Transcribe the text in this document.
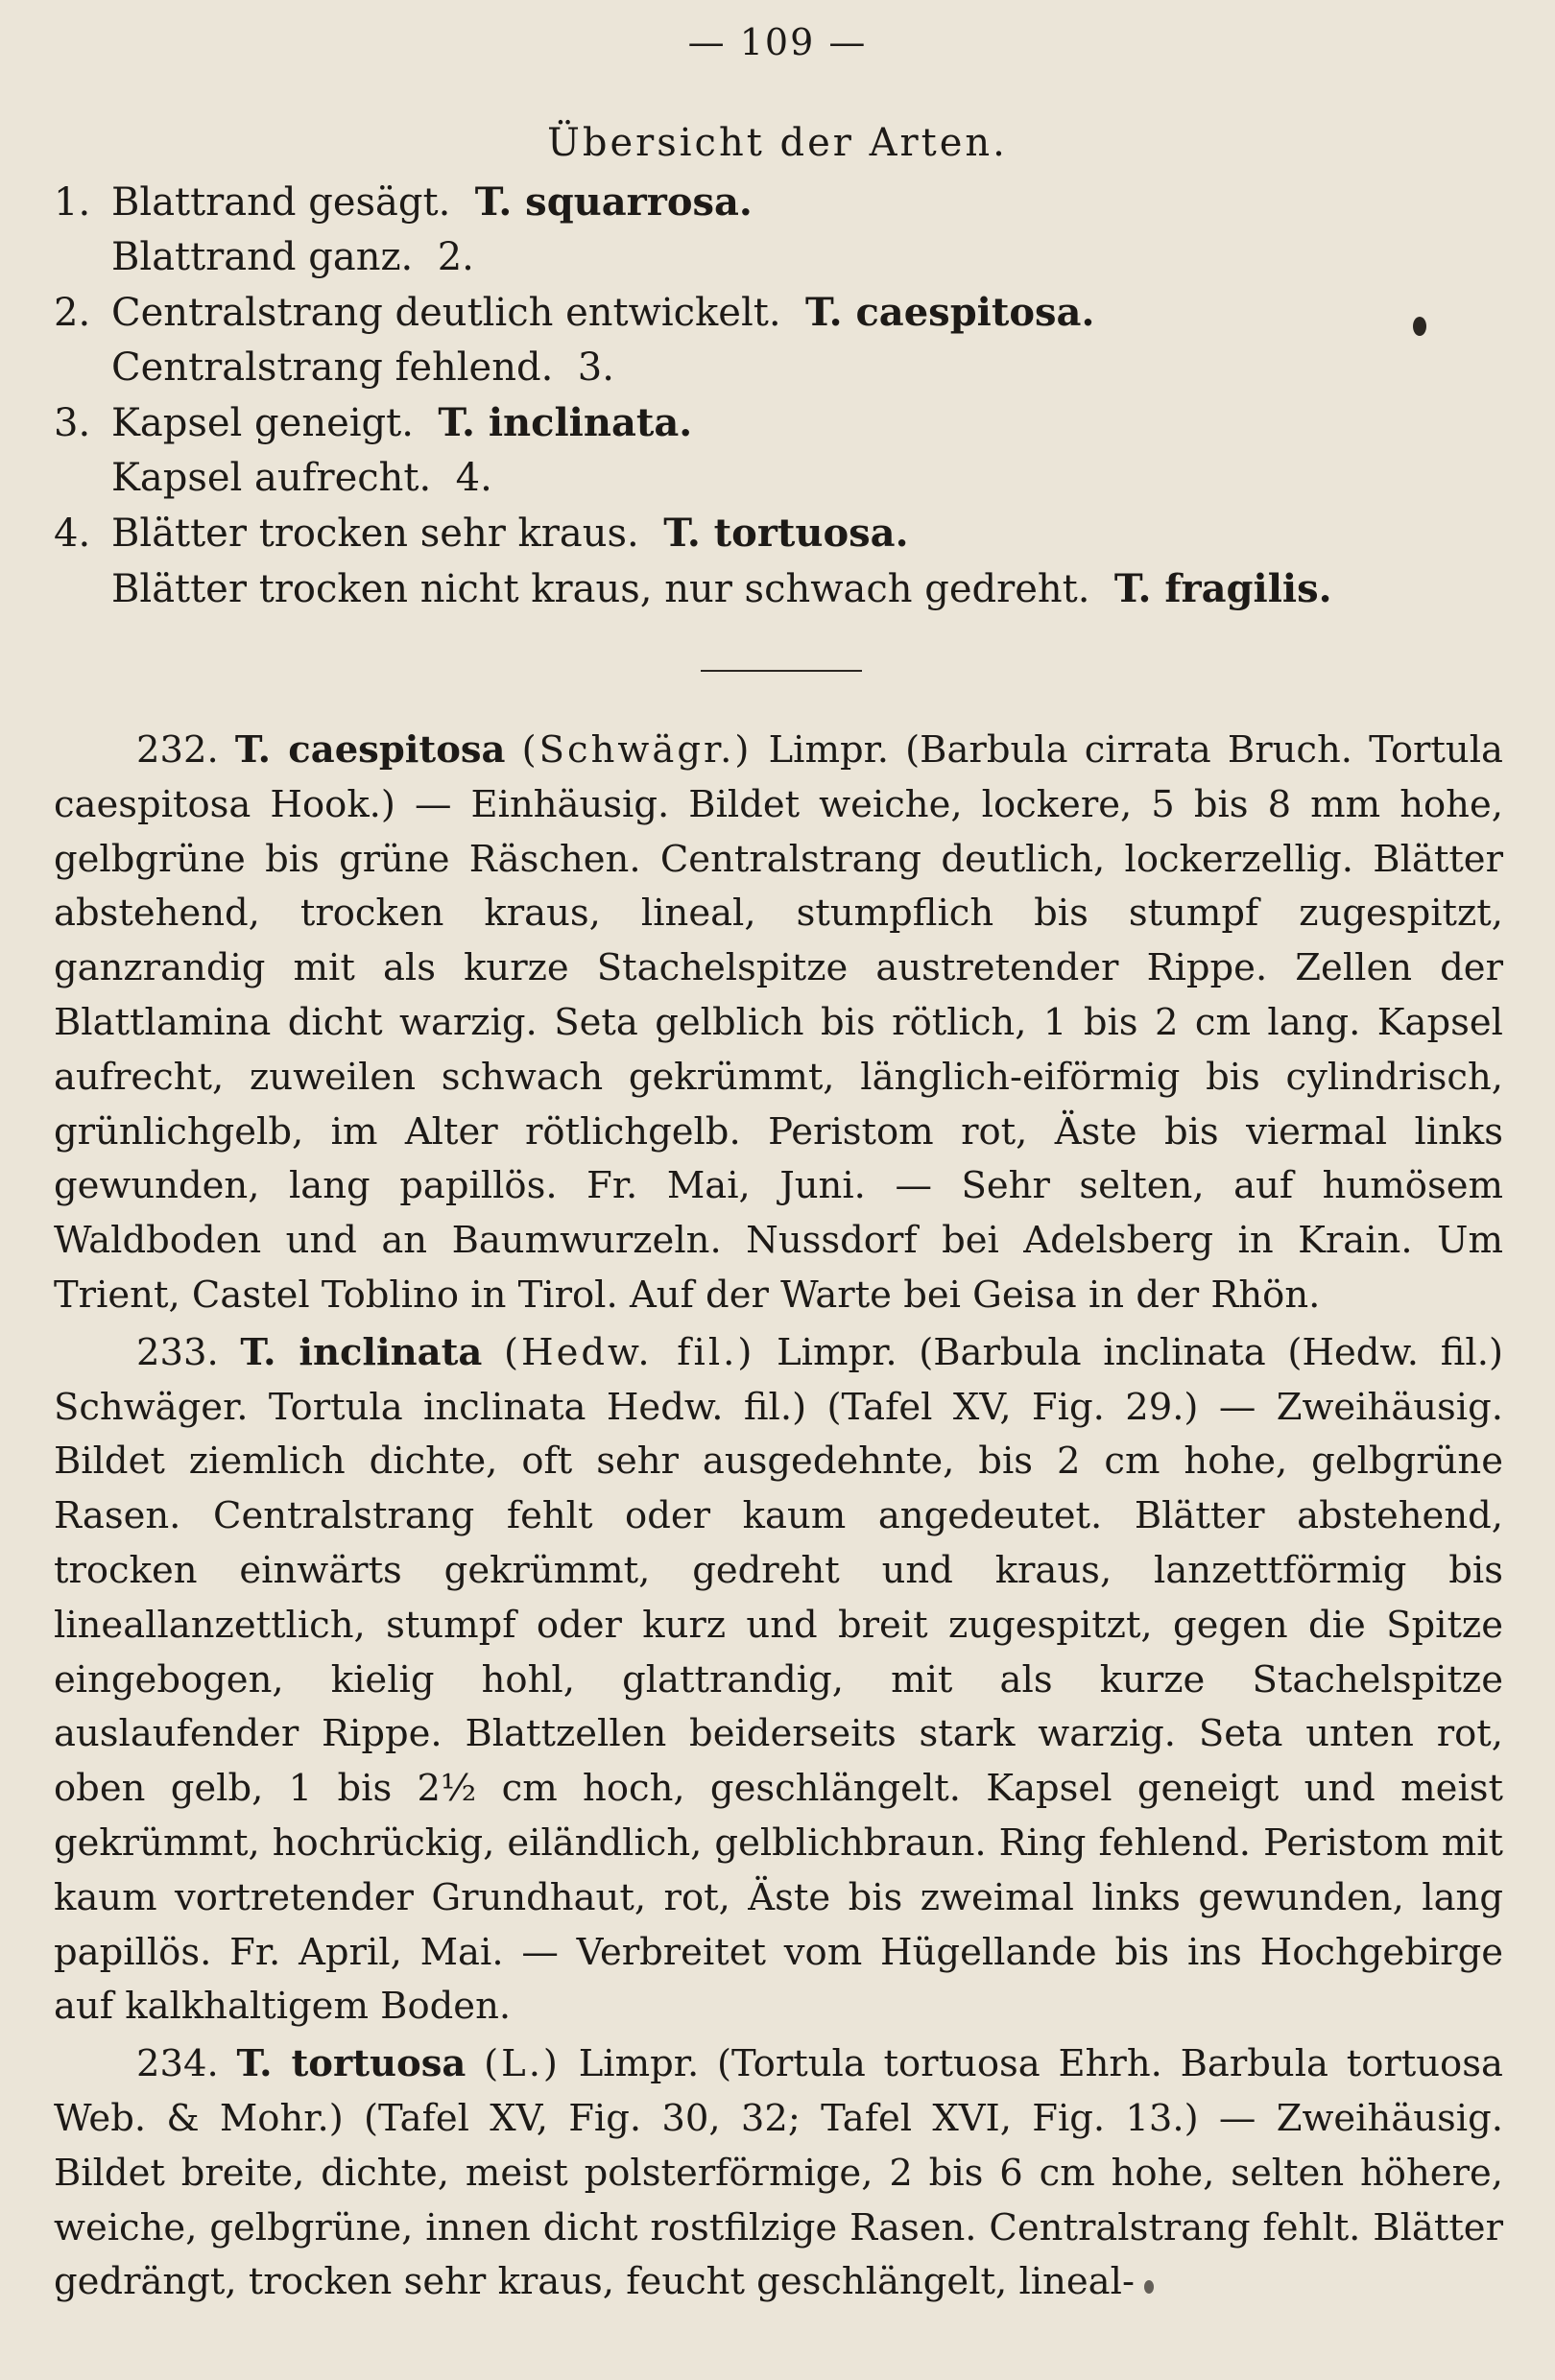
— 109 —
Übersicht der Arten.
1. Blattrand gesägt. T. squarrosa.
Blattrand ganz. 2.
2. Centralstrang deutlich entwickelt. T. caespitosa.
Centralstrang fehlend. 3.
3. Kapsel geneigt. T. inclinata.
Kapsel aufrecht. 4.
4. Blätter trocken sehr kraus. T. tortuosa.
Blätter trocken nicht kraus, nur schwach gedreht. T. fragilis.

232. T. caespitosa (Schwägr.) Limpr. (Barbula cirrata Bruch. Tortula caespitosa Hook.) — Einhäusig. Bildet weiche, lockere, 5 bis 8 mm hohe, gelbgrüne bis grüne Räschen. Centralstrang deutlich, lockerzellig. Blätter abstehend, trocken kraus, lineal, stumpflich bis stumpf zugespitzt, ganzrandig mit als kurze Stachelspitze austretender Rippe. Zellen der Blattlamina dicht warzig. Seta gelblich bis rötlich, 1 bis 2 cm lang. Kapsel aufrecht, zuweilen schwach gekrümmt, länglich-eiförmig bis cylindrisch, grünlichgelb, im Alter rötlichgelb. Peristom rot, Äste bis viermal links gewunden, lang papillös. Fr. Mai, Juni. — Sehr selten, auf humösem Waldboden und an Baumwurzeln. Nussdorf bei Adelsberg in Krain. Um Trient, Castel Toblino in Tirol. Auf der Warte bei Geisa in der Rhön.

233. T. inclinata (Hedw. fil.) Limpr. (Barbula inclinata (Hedw. fil.) Schwäger. Tortula inclinata Hedw. fil.) (Tafel XV, Fig. 29.) — Zweihäusig. Bildet ziemlich dichte, oft sehr ausgedehnte, bis 2 cm hohe, gelbgrüne Rasen. Centralstrang fehlt oder kaum angedeutet. Blätter abstehend, trocken einwärts gekrümmt, gedreht und kraus, lanzettförmig bis lineallanzettlich, stumpf oder kurz und breit zugespitzt, gegen die Spitze eingebogen, kielig hohl, glattrandig, mit als kurze Stachelspitze auslaufender Rippe. Blattzellen beiderseits stark warzig. Seta unten rot, oben gelb, 1 bis 2½ cm hoch, geschlängelt. Kapsel geneigt und meist gekrümmt, hochrückig, eiländlich, gelblichbraun. Ring fehlend. Peristom mit kaum vortretender Grundhaut, rot, Äste bis zweimal links gewunden, lang papillös. Fr. April, Mai. — Verbreitet vom Hügellande bis ins Hochgebirge auf kalkhaltigem Boden.

234. T. tortuosa (L.) Limpr. (Tortula tortuosa Ehrh. Barbula tortuosa Web. & Mohr.) (Tafel XV, Fig. 30, 32; Tafel XVI, Fig. 13.) — Zweihäusig. Bildet breite, dichte, meist polsterförmige, 2 bis 6 cm hohe, selten höhere, weiche, gelbgrüne, innen dicht rostfilzige Rasen. Centralstrang fehlt. Blätter gedrängt, trocken sehr kraus, feucht geschlängelt, lineal-
